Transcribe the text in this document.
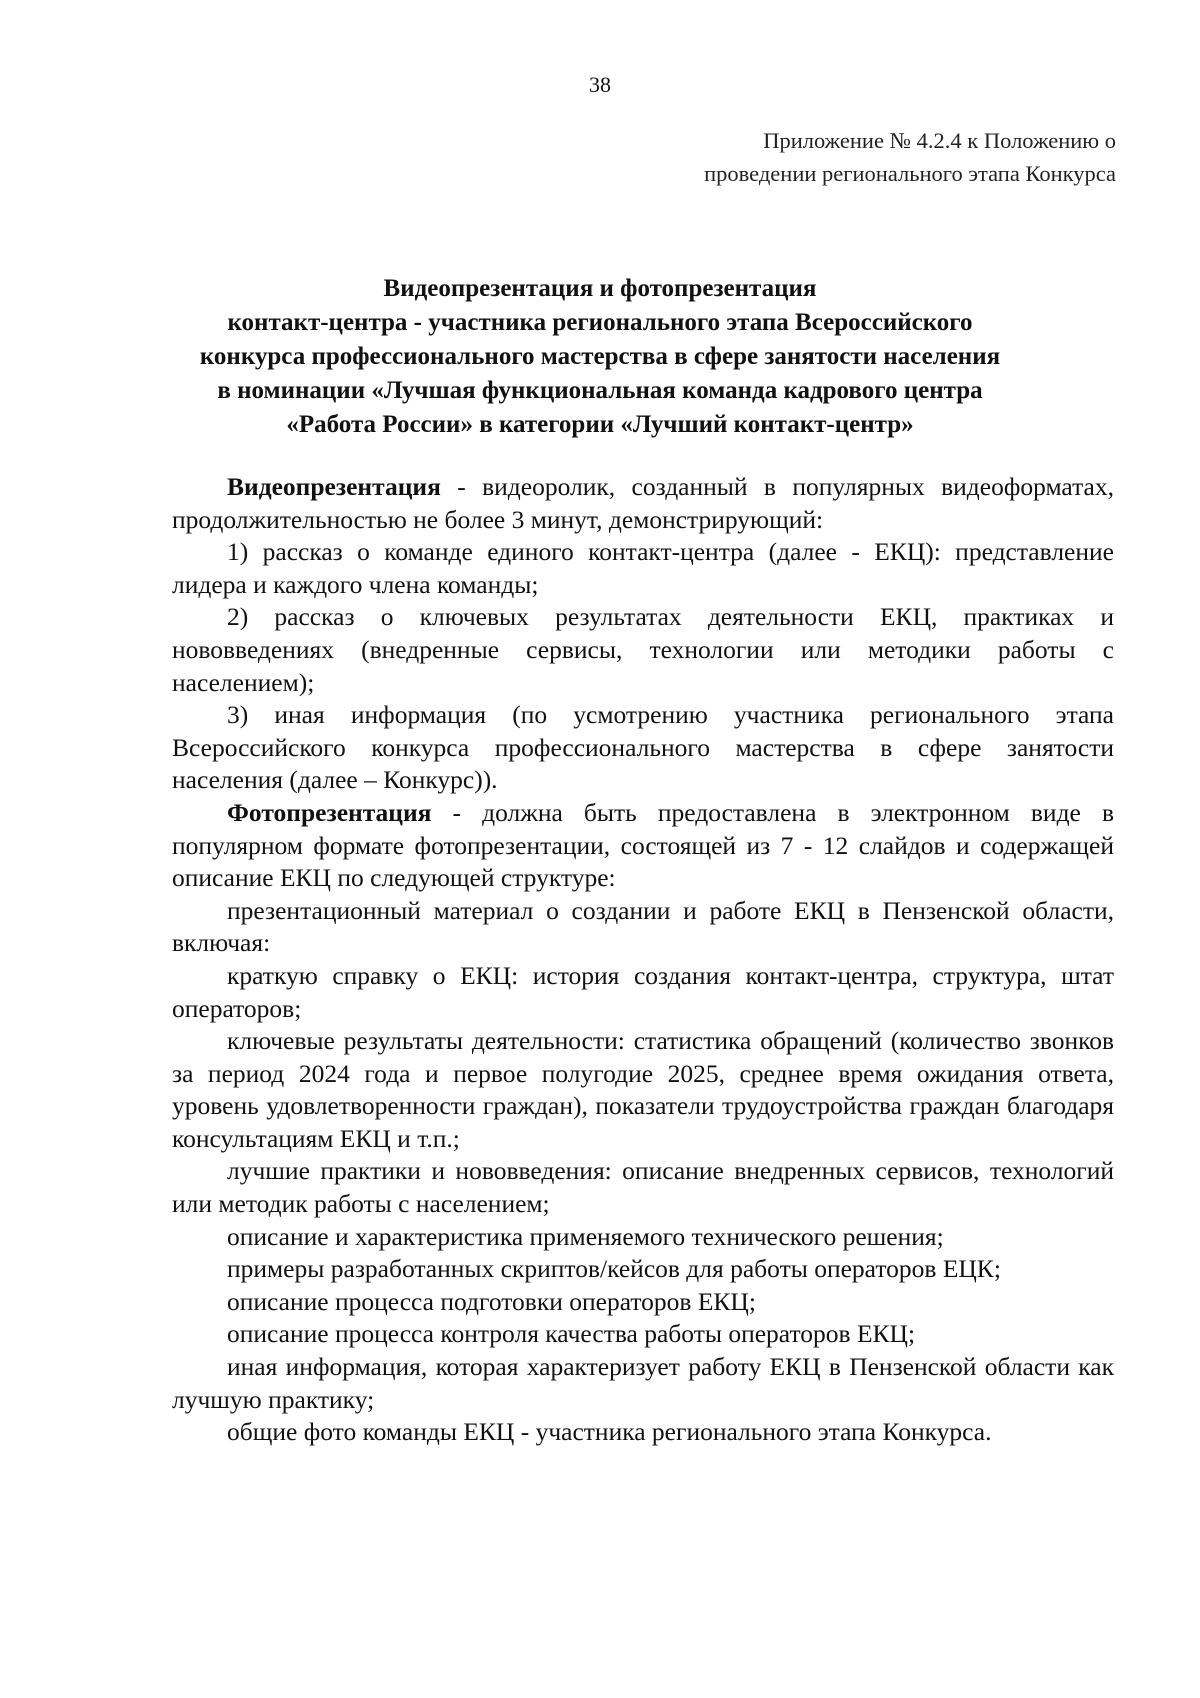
38
Приложение № 4.2.4 к Положению о
проведении регионального этапа Конкурса
Видеопрезентация и фотопрезентация
контакт-центра - участника регионального этапа Всероссийского
конкурса профессионального мастерства в сфере занятости населения
в номинации «Лучшая функциональная команда кадрового центра
«Работа России» в категории «Лучший контакт-центр»

Видеопрезентация - видеоролик, созданный в популярных видеоформатах, продолжительностью не более 3 минут, демонстрирующий:

1) рассказ о команде единого контакт-центра (далее - ЕКЦ): представление лидера и каждого члена команды;

2) рассказ о ключевых результатах деятельности ЕКЦ, практиках и нововведениях (внедренные сервисы, технологии или методики работы с населением);

3) иная информация (по усмотрению участника регионального этапа Всероссийского конкурса профессионального мастерства в сфере занятости населения (далее – Конкурс)).

Фотопрезентация - должна быть предоставлена в электронном виде в популярном формате фотопрезентации, состоящей из 7 - 12 слайдов и содержащей описание ЕКЦ по следующей структуре:

презентационный материал о создании и работе ЕКЦ в Пензенской области, включая:

краткую справку о ЕКЦ: история создания контакт-центра, структура, штат операторов;

ключевые результаты деятельности: статистика обращений (количество звонков за период 2024 года и первое полугодие 2025, среднее время ожидания ответа, уровень удовлетворенности граждан), показатели трудоустройства граждан благодаря консультациям ЕКЦ и т.п.;

лучшие практики и нововведения: описание внедренных сервисов, технологий или методик работы с населением;

описание и характеристика применяемого технического решения;

примеры разработанных скриптов/кейсов для работы операторов ЕЦК;

описание процесса подготовки операторов ЕКЦ;

описание процесса контроля качества работы операторов ЕКЦ;

иная информация, которая характеризует работу ЕКЦ в Пензенской области как лучшую практику;

общие фото команды ЕКЦ - участника регионального этапа Конкурса.
